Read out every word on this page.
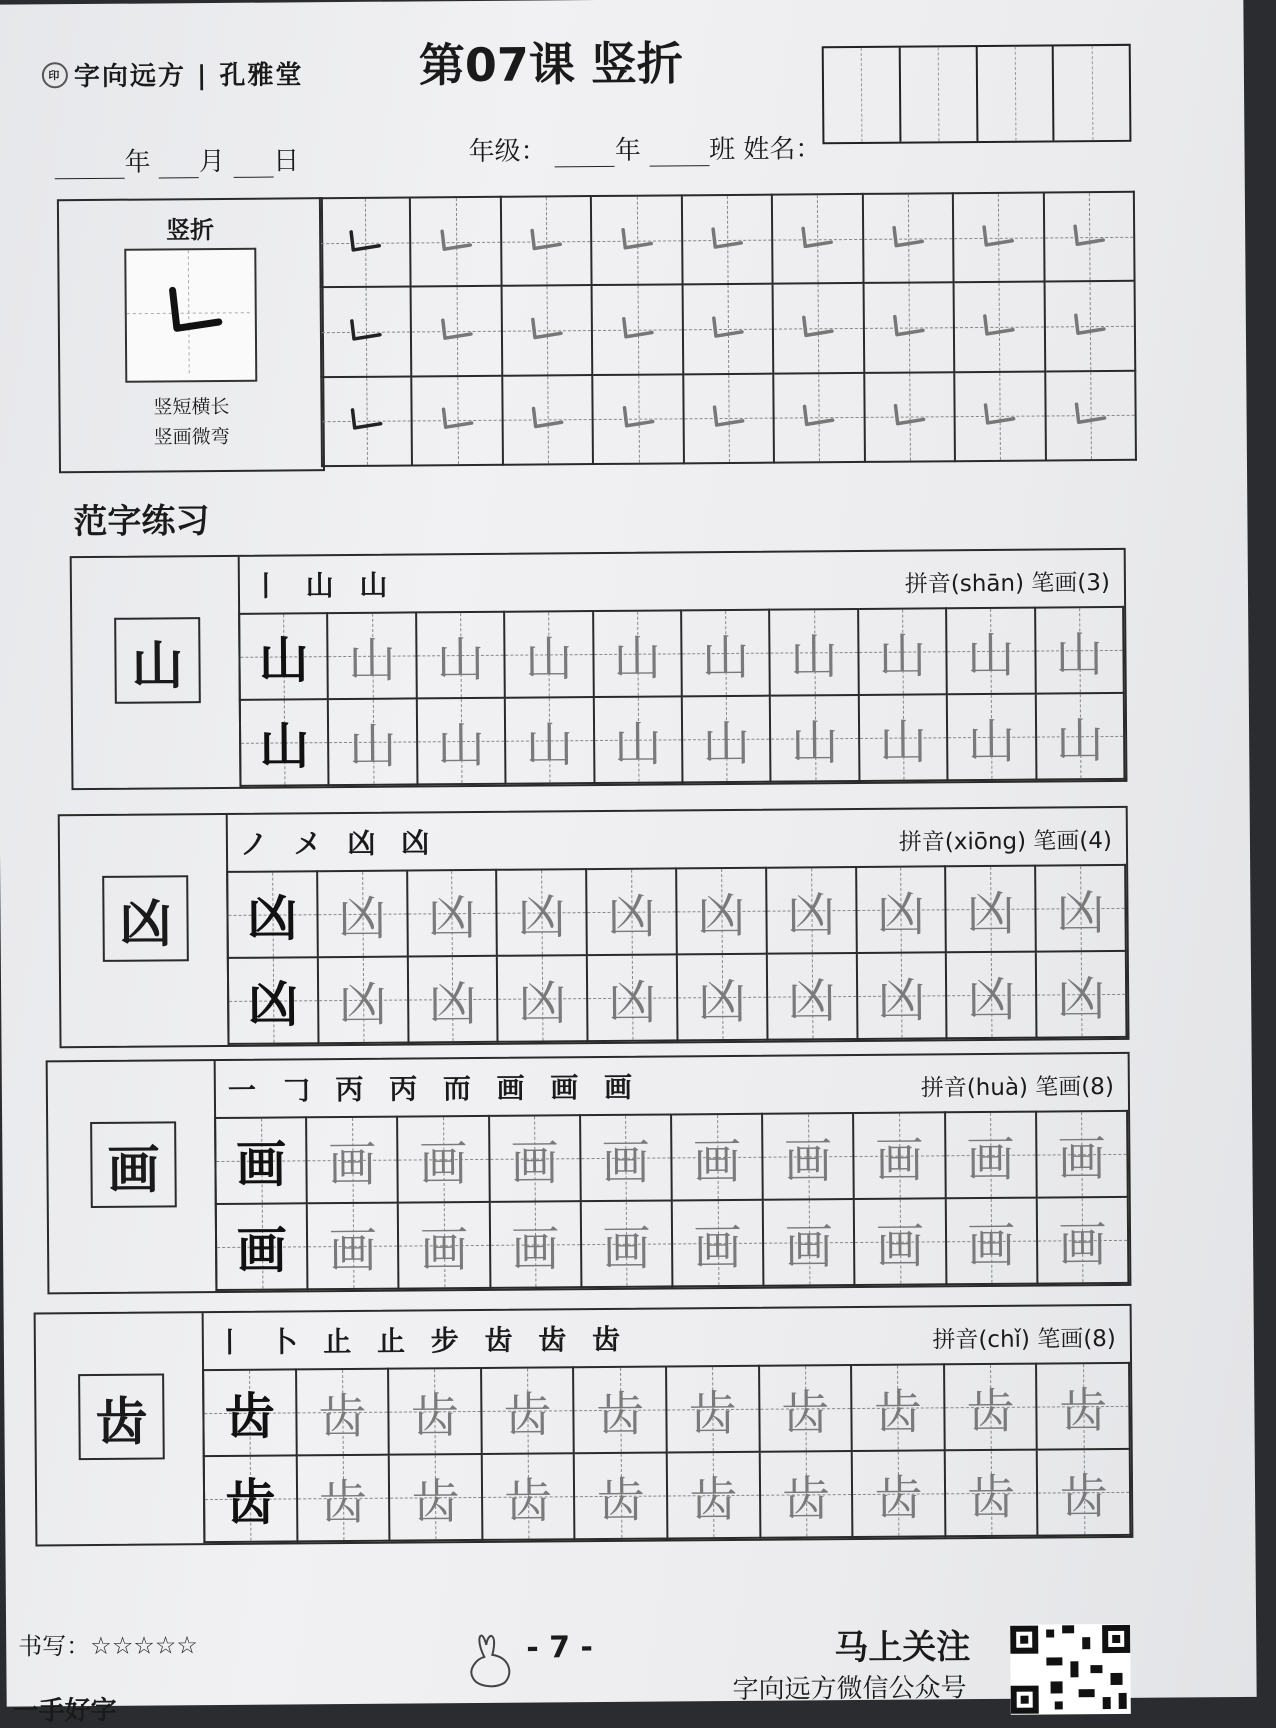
印 字向远方 | 孔雅堂	第07课 竖折
年 月 日	年级：	年	班 姓名：
竖折
竖短横长
竖画微弯

范字练习
山
丨 山 山	拼音(shān) 笔画(3)
山	山	山	山	山	山	山	山	山	山

山	山	山	山	山	山	山	山	山	山
凶
ノ メ 凶 凶	拼音(xiōng) 笔画(4)
凶	凶	凶	凶	凶	凶	凶	凶	凶	凶

凶	凶	凶	凶	凶	凶	凶	凶	凶	凶
画
一 𠃌 丙 丙 而 画 画 画	拼音(huà) 笔画(8)
画	画	画	画	画	画	画	画	画	画

画	画	画	画	画	画	画	画	画	画
齿
丨 卜 止 止 步 齿 齿 齿	拼音(chǐ) 笔画(8)
齿	齿	齿	齿	齿	齿	齿	齿	齿	齿

齿	齿	齿	齿	齿	齿	齿	齿	齿	齿
书写：☆☆☆☆☆	- 7 -	马上关注
字向远方微信公众号
一手好字
